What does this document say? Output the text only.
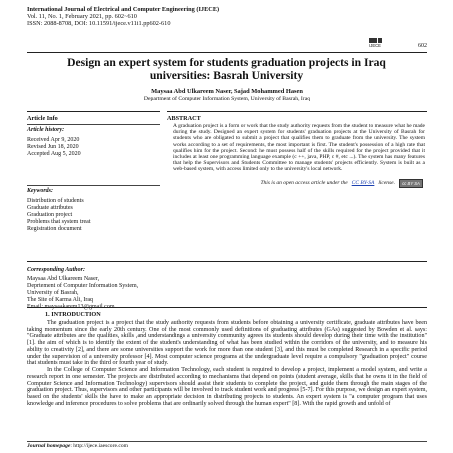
International Journal of Electrical and Computer Engineering (IJECE)
Vol. 11, No. 1, February 2021, pp. 602~610
ISSN: 2088-8708, DOI: 10.11591/ijece.v11i1.pp602-610
IJECE	602
Design an expert system for students graduation projects in Iraq universities: Basrah University
Maysaa Abd Ulkareem Naser, Sajad Mohammed Hasen
Department of Computer Information System, University of Basrah, Iraq
Article Info
Article history:
Received Apr 9, 2020
Revised Jun 18, 2020
Accepted Aug 5, 2020
Keywords:
Distribution of students
Graduate attributes
Graduation project
Problems that system treat
Registration document
ABSTRACT
A graduation project is a form or work that the study authority requests from the student to measure what he made during the study. Designed an expert system for students' graduation projects at the University of Basrah for students who are obligated to submit a project that qualifies them to graduate from the university. The system works according to a set of requirements, the most important is first. The student's possession of a high rate that qualifies him for the project. Second: he must possess half of the skills required for the project provided that it includes at least one programming language example (c ++, java, PHP, c #, etc ...). The system has many features that help the Supervisors and Students Committee to manage students' projects efficiently. System is built as a web-based system, with access limited only to the university's local network.
This is an open access article under the CC BY-SA license.	cc BY SA
Corresponding Author:
Maysaa Abd Ulkareem Naser,
Deprtement of Computer Information System,
University of Basrah,
The Site of Karma Ali, Iraq
Email: maysaakarem13@gmail.com
1. INTRODUCTION

The graduation project is a project that the study authority requests from students before obtaining a university certificate, graduate attributes have been taking momentum since the early 20th century. One of the most commonly used definitions of graduating attributes (GAs) suggested by Bowden et al. says: "Graduate attributes are the qualities, skills ,and understandings a university community agrees its students should develop during their time with the institution" [1]. the aim of which is to identify the extent of the student's understanding of what has been studied within the corridors of the university, and to measure his ability to creativity [2], and there are some universities support the work for more than one student [3], and this must be completed Research in a specific period under the supervision of a university professor [4]. Most computer science programs at the undergraduate level require a compulsory "graduation project" course that students must take in the third or fourth year of study.

In the College of Computer Science and Information Technology, each student is required to develop a project, implement a model system, and write a research report in one semester. The projects are distributed according to mechanisms that depend on points (student average, skills that he owns it in the field of Computer Science and Information Technology) supervisors should assist their students to complete the project, and guide them through the main stages of the graduation project. Thus, supervisors and other participants will be involved to track student work and progress [5-7]. For this purpose, we design an expert system, based on the students' skills the have to make an appropriate decision in distributing projects to students. An expert system is "a computer program that uses knowledge and inference procedures to solve problems that are ordinarily solved through the human expert" [8]. With the rapid growth and unfold of

Journal homepage: http://ijece.iaescore.com
